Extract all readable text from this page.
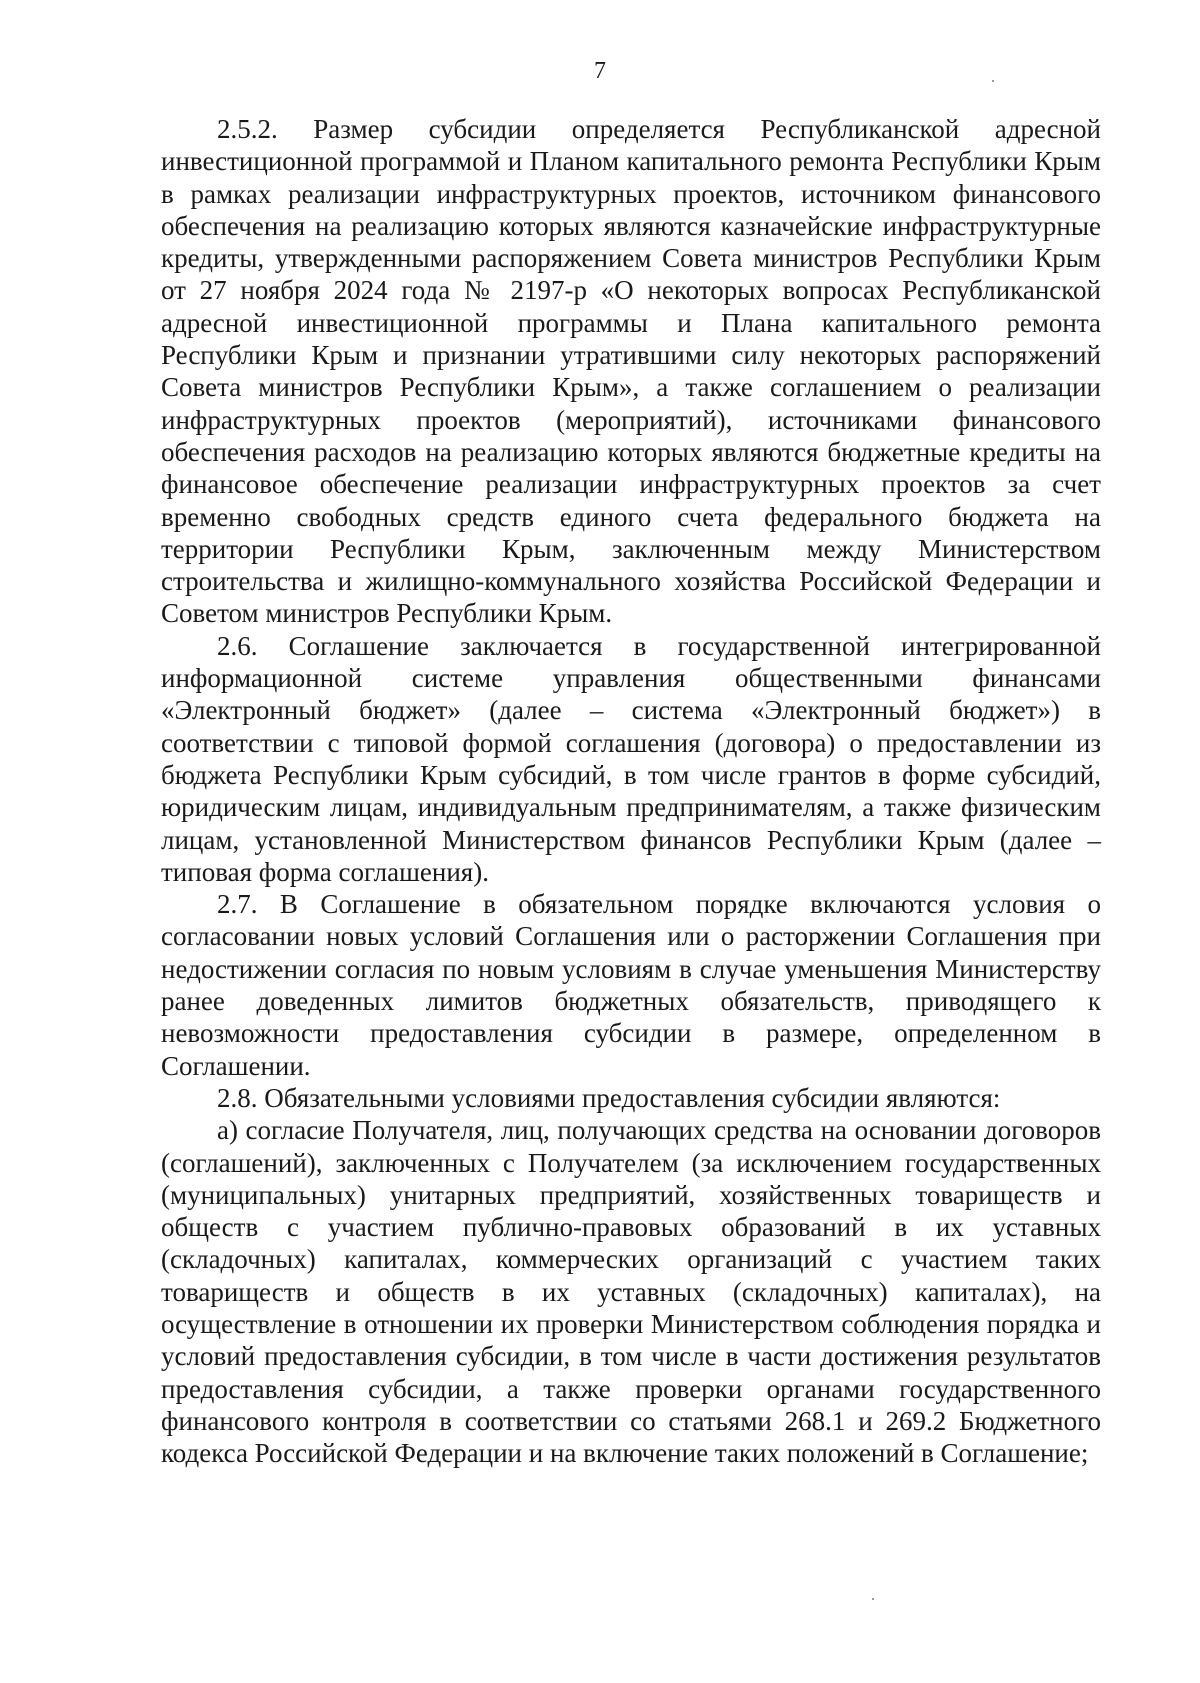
7

2.5.2. Размер субсидии определяется Республиканской адресной инвестиционной программой и Планом капитального ремонта Республики Крым в рамках реализации инфраструктурных проектов, источником финансового обеспечения на реализацию которых являются казначейские инфраструктурные кредиты, утвержденными распоряжением Совета министров Республики Крым от 27 ноября 2024 года № 2197-р «О некоторых вопросах Республиканской адресной инвестиционной программы и Плана капитального ремонта Республики Крым и признании утратившими силу некоторых распоряжений Совета министров Республики Крым», а также соглашением о реализации инфраструктурных проектов (мероприятий), источниками финансового обеспечения расходов на реализацию которых являются бюджетные кредиты на финансовое обеспечение реализации инфраструктурных проектов за счет временно свободных средств единого счета федерального бюджета на территории Республики Крым, заключенным между Министерством строительства и жилищно-коммунального хозяйства Российской Федерации и Советом министров Республики Крым.

2.6. Соглашение заключается в государственной интегрированной информационной системе управления общественными финансами «Электронный бюджет» (далее – система «Электронный бюджет») в соответствии с типовой формой соглашения (договора) о предоставлении из бюджета Республики Крым субсидий, в том числе грантов в форме субсидий, юридическим лицам, индивидуальным предпринимателям, а также физическим лицам, установленной Министерством финансов Республики Крым (далее – типовая форма соглашения).

2.7. В Соглашение в обязательном порядке включаются условия о согласовании новых условий Соглашения или о расторжении Соглашения при недостижении согласия по новым условиям в случае уменьшения Министерству ранее доведенных лимитов бюджетных обязательств, приводящего к невозможности предоставления субсидии в размере, определенном в Соглашении.

2.8. Обязательными условиями предоставления субсидии являются:

а) согласие Получателя, лиц, получающих средства на основании договоров (соглашений), заключенных с Получателем (за исключением государственных (муниципальных) унитарных предприятий, хозяйственных товариществ и обществ с участием публично-правовых образований в их уставных (складочных) капиталах, коммерческих организаций с участием таких товариществ и обществ в их уставных (складочных) капиталах), на осуществление в отношении их проверки Министерством соблюдения порядка и условий предоставления субсидии, в том числе в части достижения результатов предоставления субсидии, а также проверки органами государственного финансового контроля в соответствии со статьями 268.1 и 269.2 Бюджетного кодекса Российской Федерации и на включение таких положений в Соглашение;
